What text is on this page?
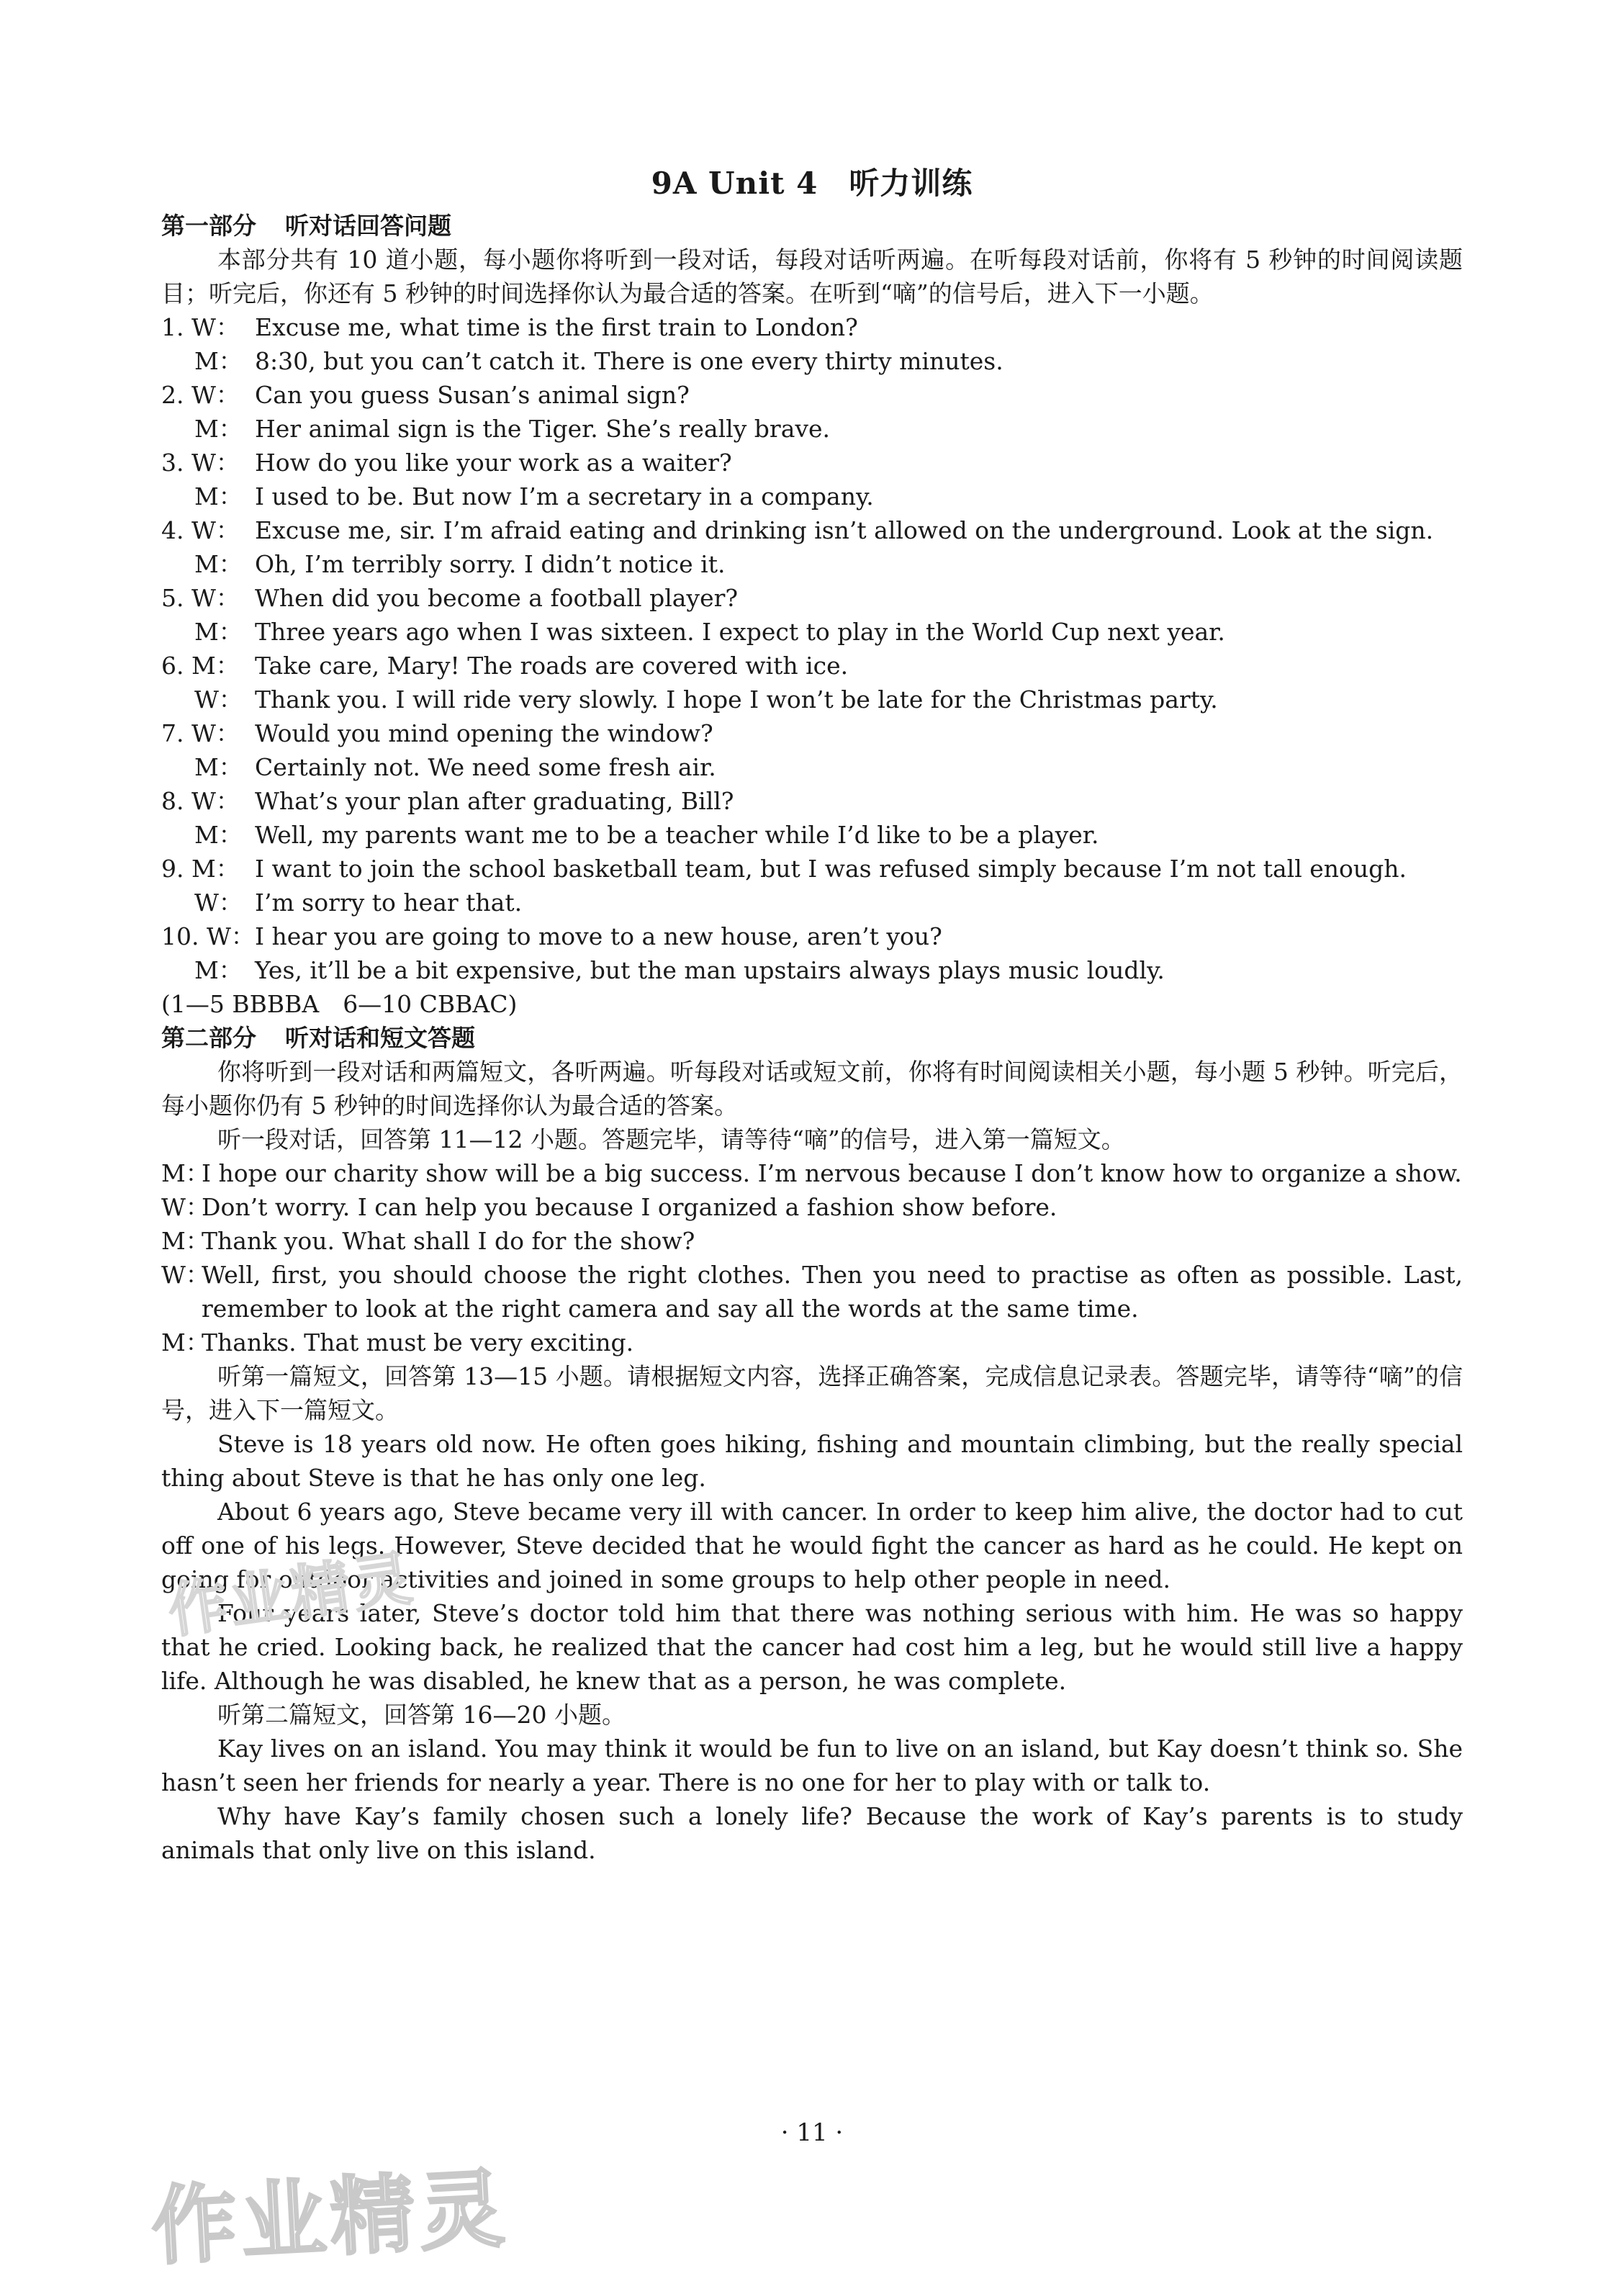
9A Unit 4　听力训练
第一部分 听对话回答问题
本部分共有 10 道小题，每小题你将听到一段对话，每段对话听两遍。在听每段对话前，你将有 5 秒钟的时间阅读题目；听完后，你还有 5 秒钟的时间选择你认为最合适的答案。在听到“嘀”的信号后，进入下一小题。
1. W： Excuse me, what time is the first train to London?
M： 8:30, but you can’t catch it. There is one every thirty minutes.
2. W： Can you guess Susan’s animal sign?
M： Her animal sign is the Tiger. She’s really brave.
3. W： How do you like your work as a waiter?
M： I used to be. But now I’m a secretary in a company.
4. W： Excuse me, sir. I’m afraid eating and drinking isn’t allowed on the underground. Look at the sign.
M： Oh, I’m terribly sorry. I didn’t notice it.
5. W： When did you become a football player?
M： Three years ago when I was sixteen. I expect to play in the World Cup next year.
6. M： Take care, Mary! The roads are covered with ice.
W： Thank you. I will ride very slowly. I hope I won’t be late for the Christmas party.
7. W： Would you mind opening the window?
M： Certainly not. We need some fresh air.
8. W： What’s your plan after graduating, Bill?
M： Well, my parents want me to be a teacher while I’d like to be a player.
9. M： I want to join the school basketball team, but I was refused simply because I’m not tall enough.
W： I’m sorry to hear that.
10. W： I hear you are going to move to a new house, aren’t you?
M： Yes, it’ll be a bit expensive, but the man upstairs always plays music loudly.
(1—5 BBBBA　6—10 CBBAC)
第二部分 听对话和短文答题
你将听到一段对话和两篇短文，各听两遍。听每段对话或短文前，你将有时间阅读相关小题，每小题 5 秒钟。听完后，每小题你仍有 5 秒钟的时间选择你认为最合适的答案。
听一段对话，回答第 11—12 小题。答题完毕，请等待“嘀”的信号，进入第一篇短文。
M：
I hope our charity show will be a big success. I’m nervous because I don’t know how to organize a show.
W：
Don’t worry. I can help you because I organized a fashion show before.
M：
Thank you. What shall I do for the show?
W：
Well, first, you should choose the right clothes. Then you need to practise as often as possible. Last, remember to look at the right camera and say all the words at the same time.
M：
Thanks. That must be very exciting.
听第一篇短文，回答第 13—15 小题。请根据短文内容，选择正确答案，完成信息记录表。答题完毕，请等待“嘀”的信号，进入下一篇短文。
Steve is 18 years old now. He often goes hiking, fishing and mountain climbing, but the really special thing about Steve is that he has only one leg.
About 6 years ago, Steve became very ill with cancer. In order to keep him alive, the doctor had to cut off one of his legs. However, Steve decided that he would fight the cancer as hard as he could. He kept on going for outdoor activities and joined in some groups to help other people in need.
Four years later, Steve’s doctor told him that there was nothing serious with him. He was so happy that he cried. Looking back, he realized that the cancer had cost him a leg, but he would still live a happy life. Although he was disabled, he knew that as a person, he was complete.
听第二篇短文，回答第 16—20 小题。
Kay lives on an island. You may think it would be fun to live on an island, but Kay doesn’t think so. She hasn’t seen her friends for nearly a year. There is no one for her to play with or talk to.
Why have Kay’s family chosen such a lonely life? Because the work of Kay’s parents is to study animals that only live on this island.
作业精灵
· 11 ·
作业精灵
